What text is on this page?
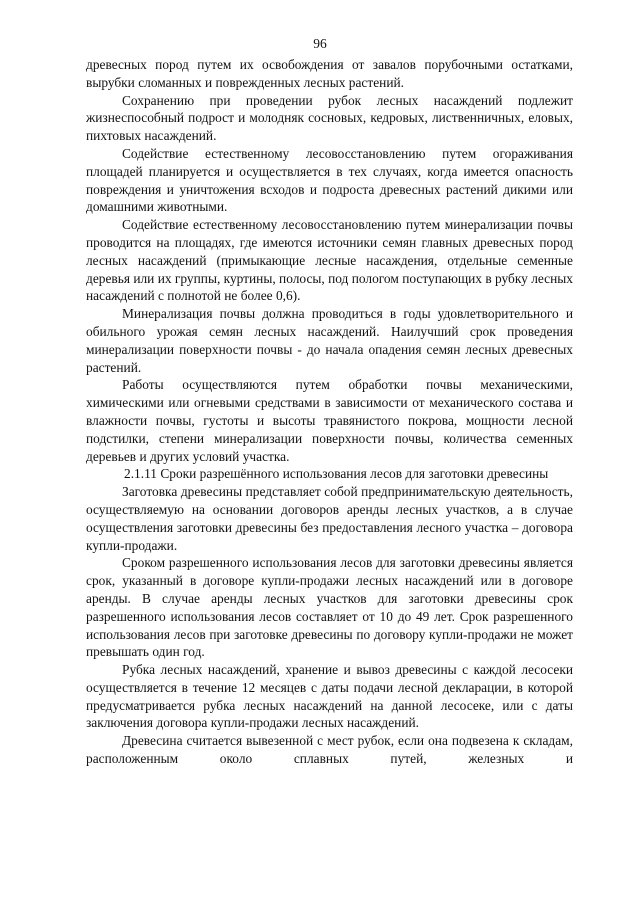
96

древесных пород путем их освобождения от завалов порубочными остатками, вырубки сломанных и поврежденных лесных растений.

Сохранению при проведении рубок лесных насаждений подлежит жизнеспособный подрост и молодняк сосновых, кедровых, лиственничных, еловых, пихтовых насаждений.

Содействие естественному лесовосстановлению путем огораживания площадей планируется и осуществляется в тех случаях, когда имеется опасность повреждения и уничтожения всходов и подроста древесных растений дикими или домашними животными.

Содействие естественному лесовосстановлению путем минерализации почвы проводится на площадях, где имеются источники семян главных древесных пород лесных насаждений (примыкающие лесные насаждения, отдельные семенные деревья или их группы, куртины, полосы, под пологом поступающих в рубку лесных насаждений с полнотой не более 0,6).

Минерализация почвы должна проводиться в годы удовлетворительного и обильного урожая семян лесных насаждений. Наилучший срок проведения минерализации поверхности почвы - до начала опадения семян лесных древесных растений.

Работы осуществляются путем обработки почвы механическими, химическими или огневыми средствами в зависимости от механического состава и влажности почвы, густоты и высоты травянистого покрова, мощности лесной подстилки, степени минерализации поверхности почвы, количества семенных деревьев и других условий участка.

2.1.11 Сроки разрешённого использования лесов для заготовки древесины

Заготовка древесины представляет собой предпринимательскую деятельность, осуществляемую на основании договоров аренды лесных участков, а в случае осуществления заготовки древесины без предоставления лесного участка – договора купли-продажи.

Сроком разрешенного использования лесов для заготовки древесины является срок, указанный в договоре купли-продажи лесных насаждений или в договоре аренды. В случае аренды лесных участков для заготовки древесины срок разрешенного использования лесов составляет от 10 до 49 лет. Срок разрешенного использования лесов при заготовке древесины по договору купли-продажи не может превышать один год.

Рубка лесных насаждений, хранение и вывоз древесины с каждой лесосеки осуществляется в течение 12 месяцев с даты подачи лесной декларации, в которой предусматривается рубка лесных насаждений на данной лесосеке, или с даты заключения договора купли-продажи лесных насаждений.

Древесина считается вывезенной с мест рубок, если она подвезена к складам, расположенным около сплавных путей, железных и
